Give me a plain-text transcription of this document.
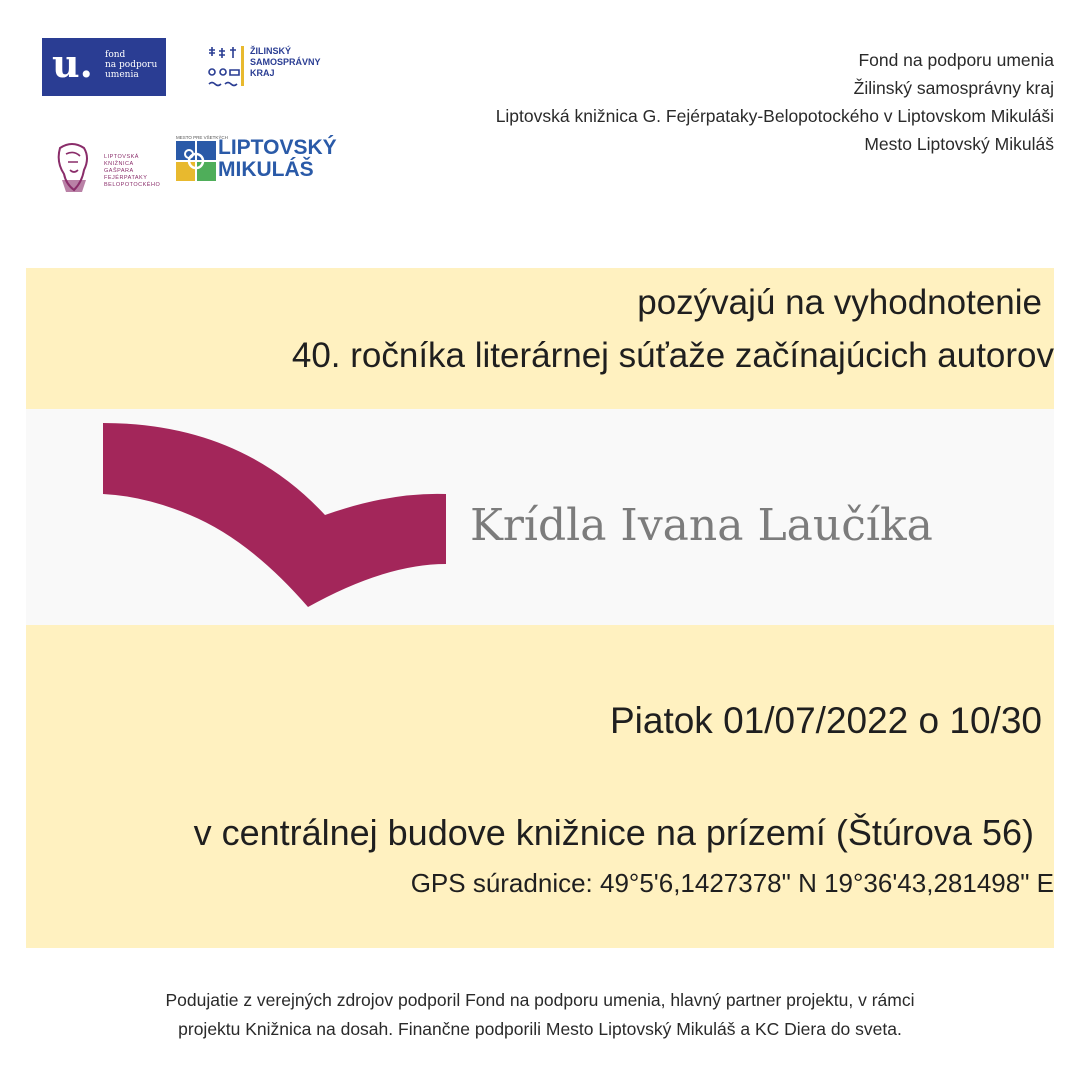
u. fond
na podporu
umenia
ŽILINSKÝ
SAMOSPRÁVNY
KRAJ
LIPTOVSKÁ
KNIŽNICA
GAŠPARA
FEJÉRPATAKY
BELOPOTOCKÉHO
MESTO PRE VŠETKÝCH
LIPTOVSKÝ
MIKULÁŠ
Fond na podporu umenia
Žilinský samosprávny kraj
Liptovská knižnica G. Fejérpataky-Belopotockého v Liptovskom Mikuláši
Mesto Liptovský Mikuláš
pozývajú na vyhodnotenie
40. ročníka literárnej súťaže začínajúcich autorov
Krídla Ivana Laučíka
Piatok 01/07/2022 o 10/30
v centrálnej budove knižnice na prízemí (Štúrova 56)
GPS súradnice: 49°5'6,1427378" N 19°36'43,281498" E
Podujatie z verejných zdrojov podporil Fond na podporu umenia, hlavný partner projektu, v rámci
projektu Knižnica na dosah. Finančne podporili Mesto Liptovský Mikuláš a KC Diera do sveta.
